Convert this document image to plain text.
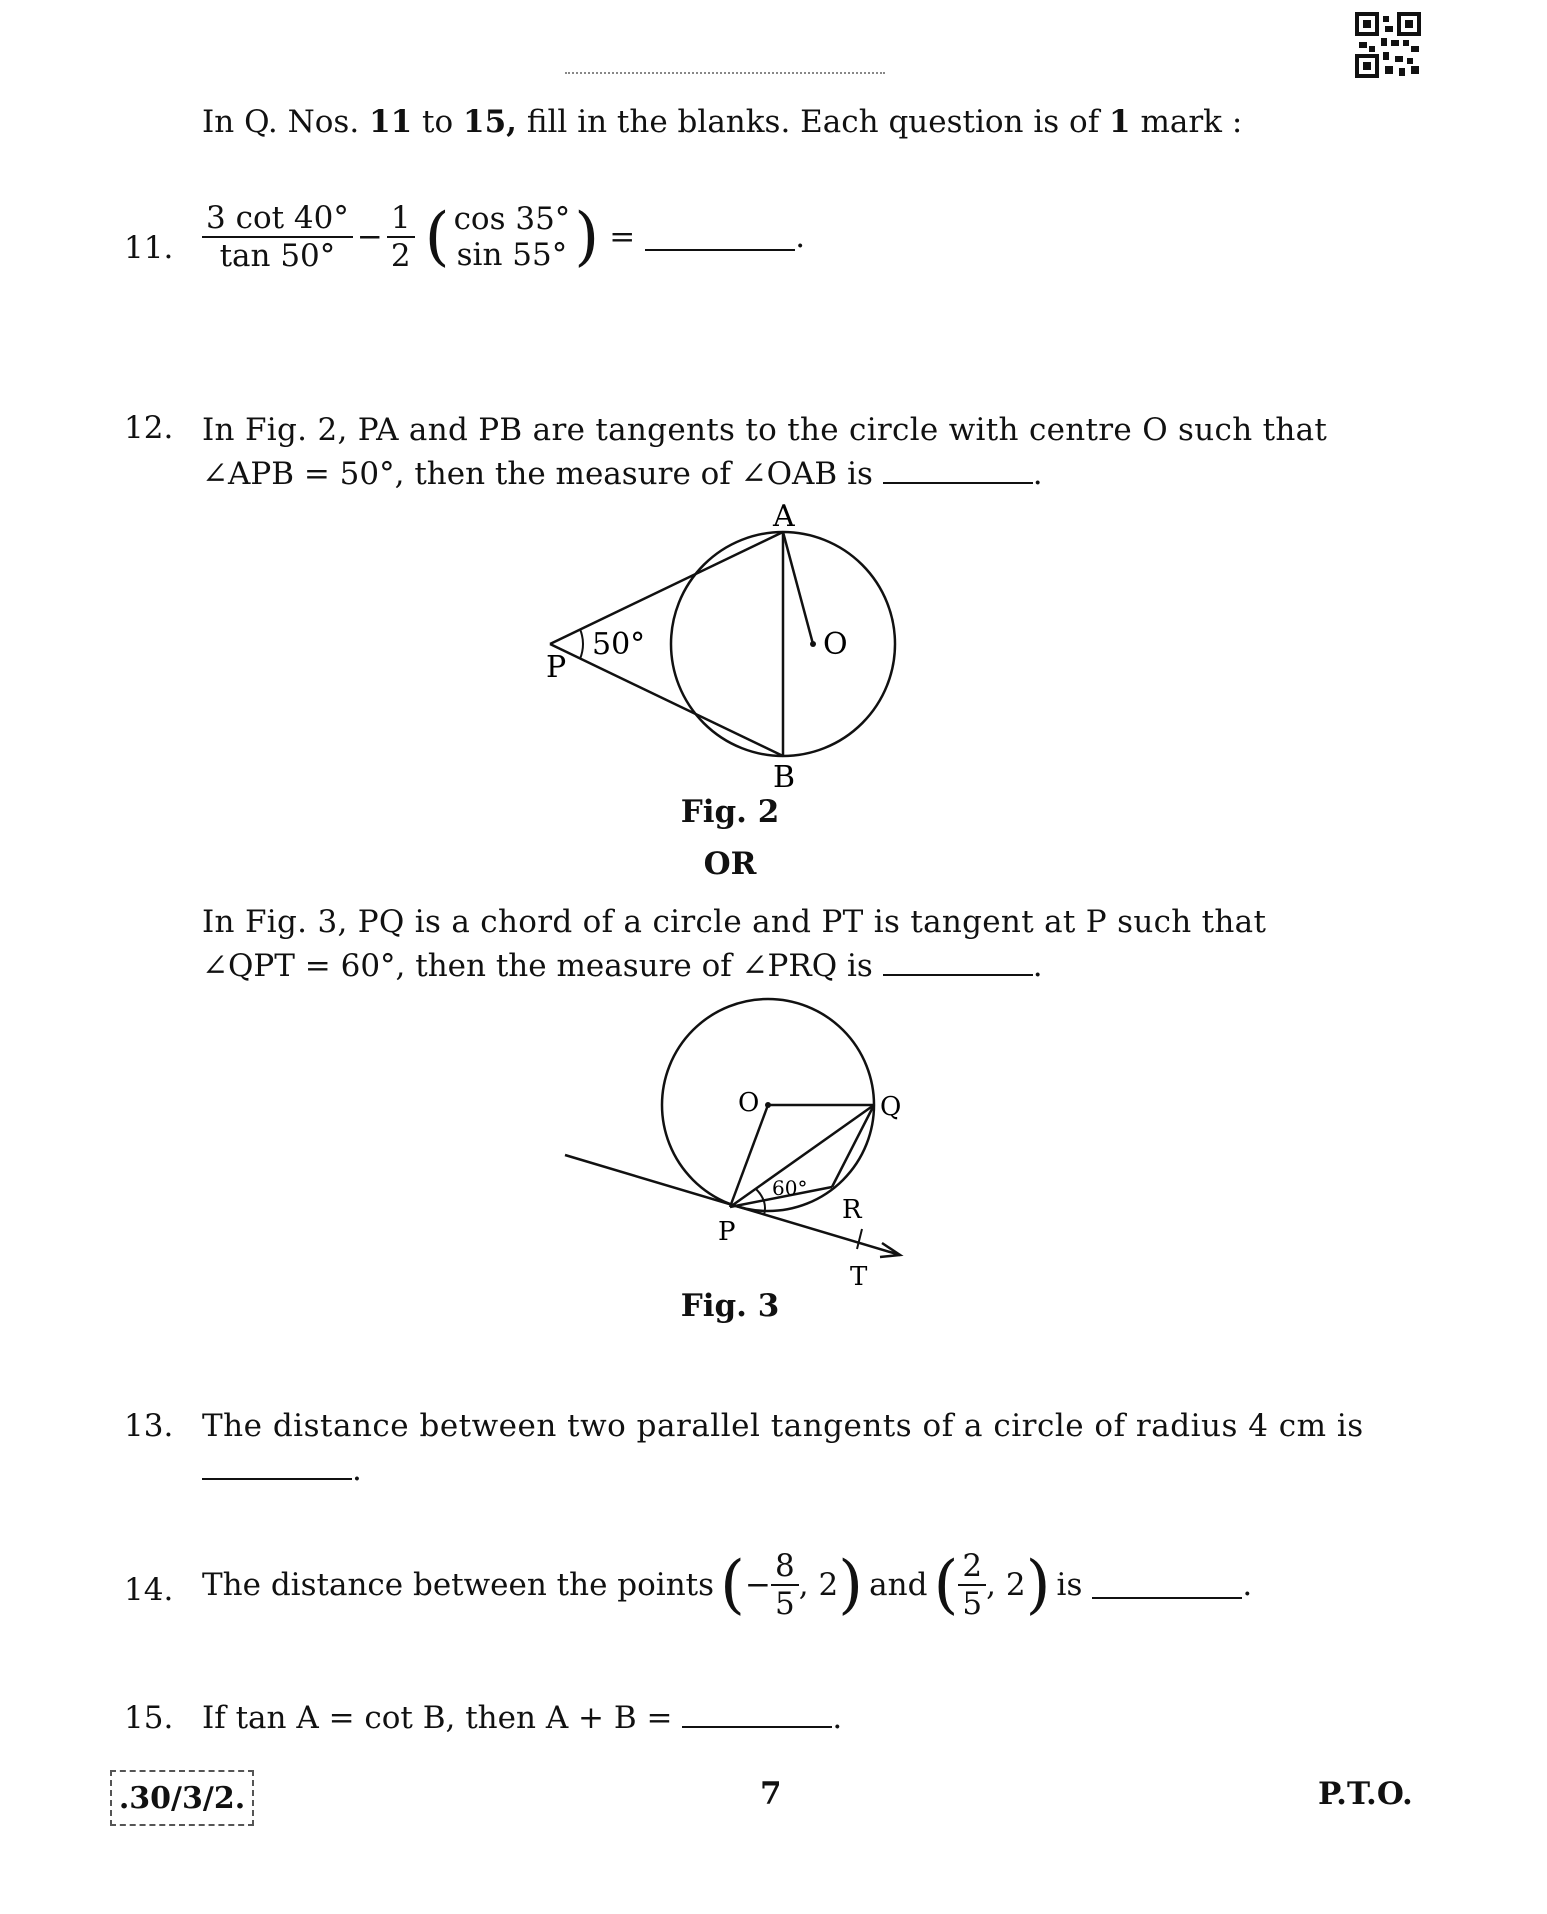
In Q. Nos. 11 to 15, fill in the blanks. Each question is of 1 mark :
11. $\frac{3 \cot 40^\circ}{\tan 50^\circ} - \frac{1}{2}$ ( cos 35°
sin 55° ) =	.
12. In Fig. 2, PA and PB are tangents to the circle with centre O such that
∠APB = 50°, then the measure of ∠OAB is	.
A
B
P
O
50°
Fig. 2
OR
In Fig. 3, PQ is a chord of a circle and PT is tangent at P such that
∠QPT = 60°, then the measure of ∠PRQ is	.
O	Q
P
R
T
60°
Fig. 3
13. The distance between two parallel tangents of a circle of radius 4 cm is
.
14. The distance between the points ( − $\frac{8}{5}$ , 2 ) and ( $\frac{2}{5}$ , 2 ) is	.
15. If tan A = cot B, then A + B =	.
.30/3/2.	7	P.T.O.
